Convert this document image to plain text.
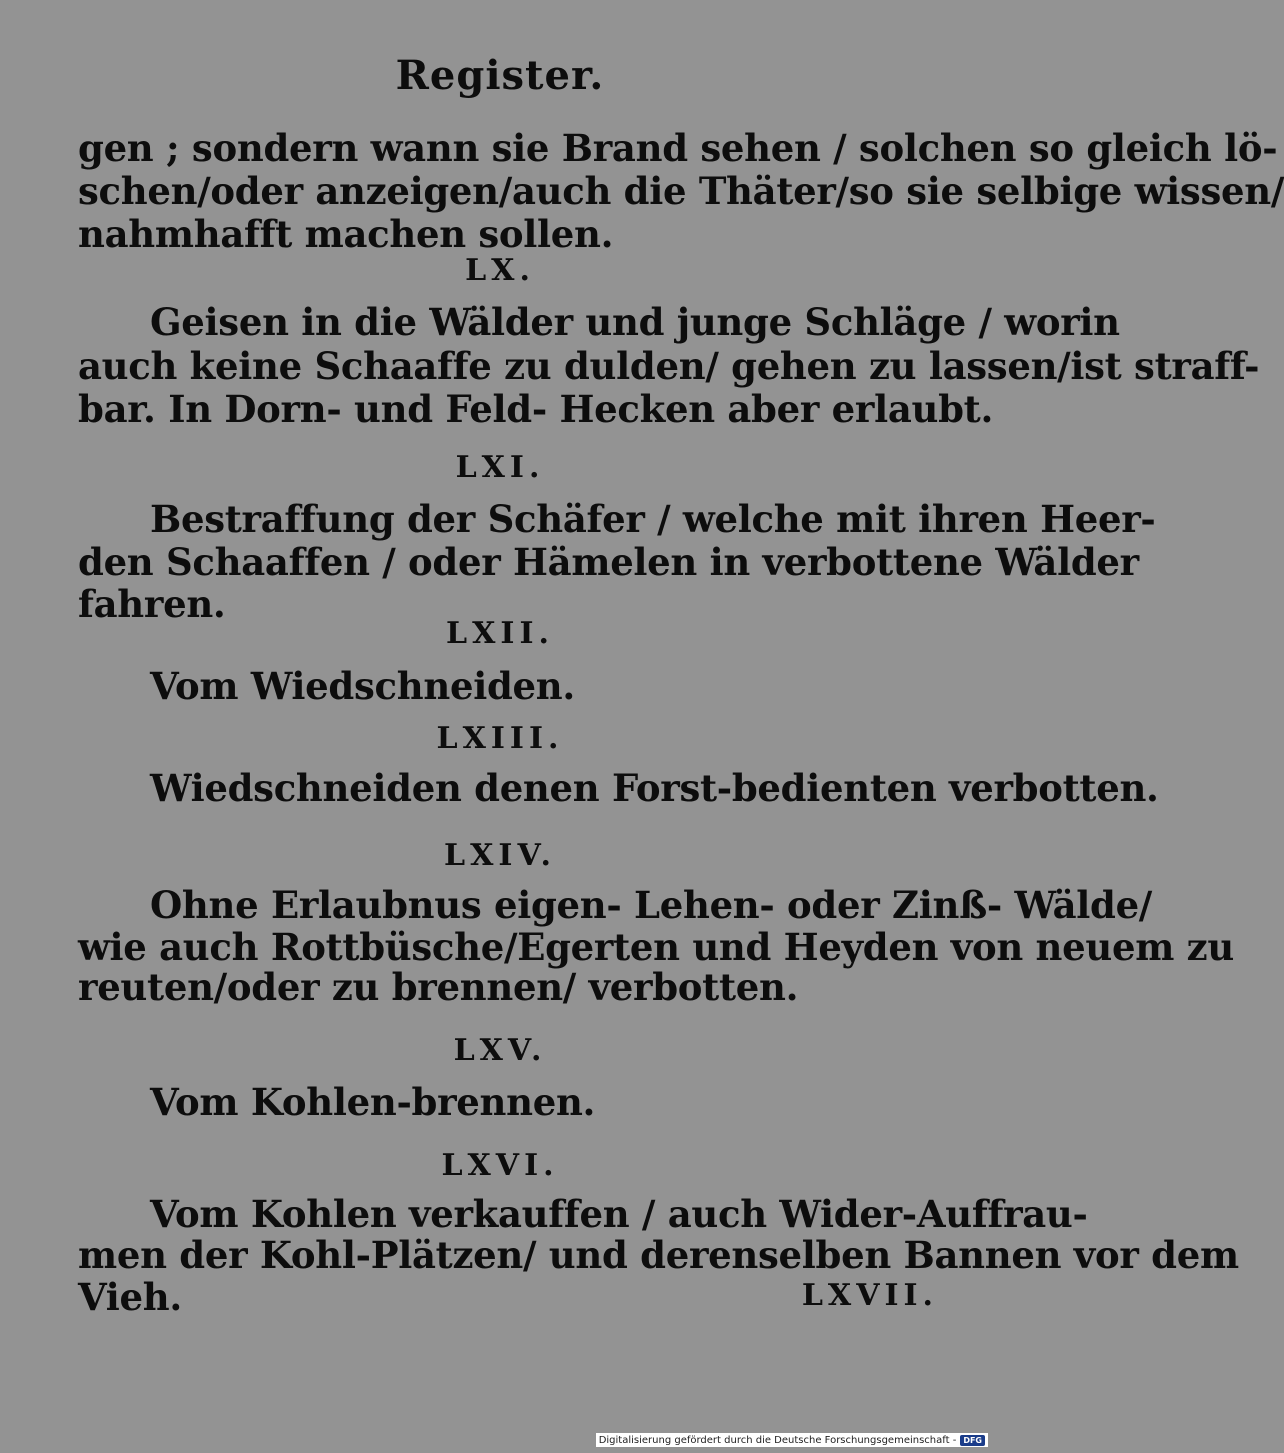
Register.
gen ; sondern wann sie Brand sehen / solchen so gleich lö-
schen/oder anzeigen/auch die Thäter/so sie selbige wissen/
nahmhafft machen sollen.
LX.
Geisen in die Wälder und junge Schläge / worin
auch keine Schaaffe zu dulden/ gehen zu lassen/ist straff-
bar. In Dorn- und Feld- Hecken aber erlaubt.
LXI.
Bestraffung der Schäfer / welche mit ihren Heer-
den Schaaffen / oder Hämelen in verbottene Wälder
fahren.
LXII.
Vom Wiedschneiden.
LXIII.
Wiedschneiden denen Forst-bedienten verbotten.
LXIV.
Ohne Erlaubnus eigen- Lehen- oder Zinß- Wälde/
wie auch Rottbüsche/Egerten und Heyden von neuem zu
reuten/oder zu brennen/ verbotten.
LXV.
Vom Kohlen-brennen.
LXVI.
Vom Kohlen verkauffen / auch Wider-Auffrau-
men der Kohl-Plätzen/ und derenselben Bannen vor dem
Vieh.	LXVII.
Digitalisierung gefördert durch die Deutsche Forschungsgemeinschaft - DFG
